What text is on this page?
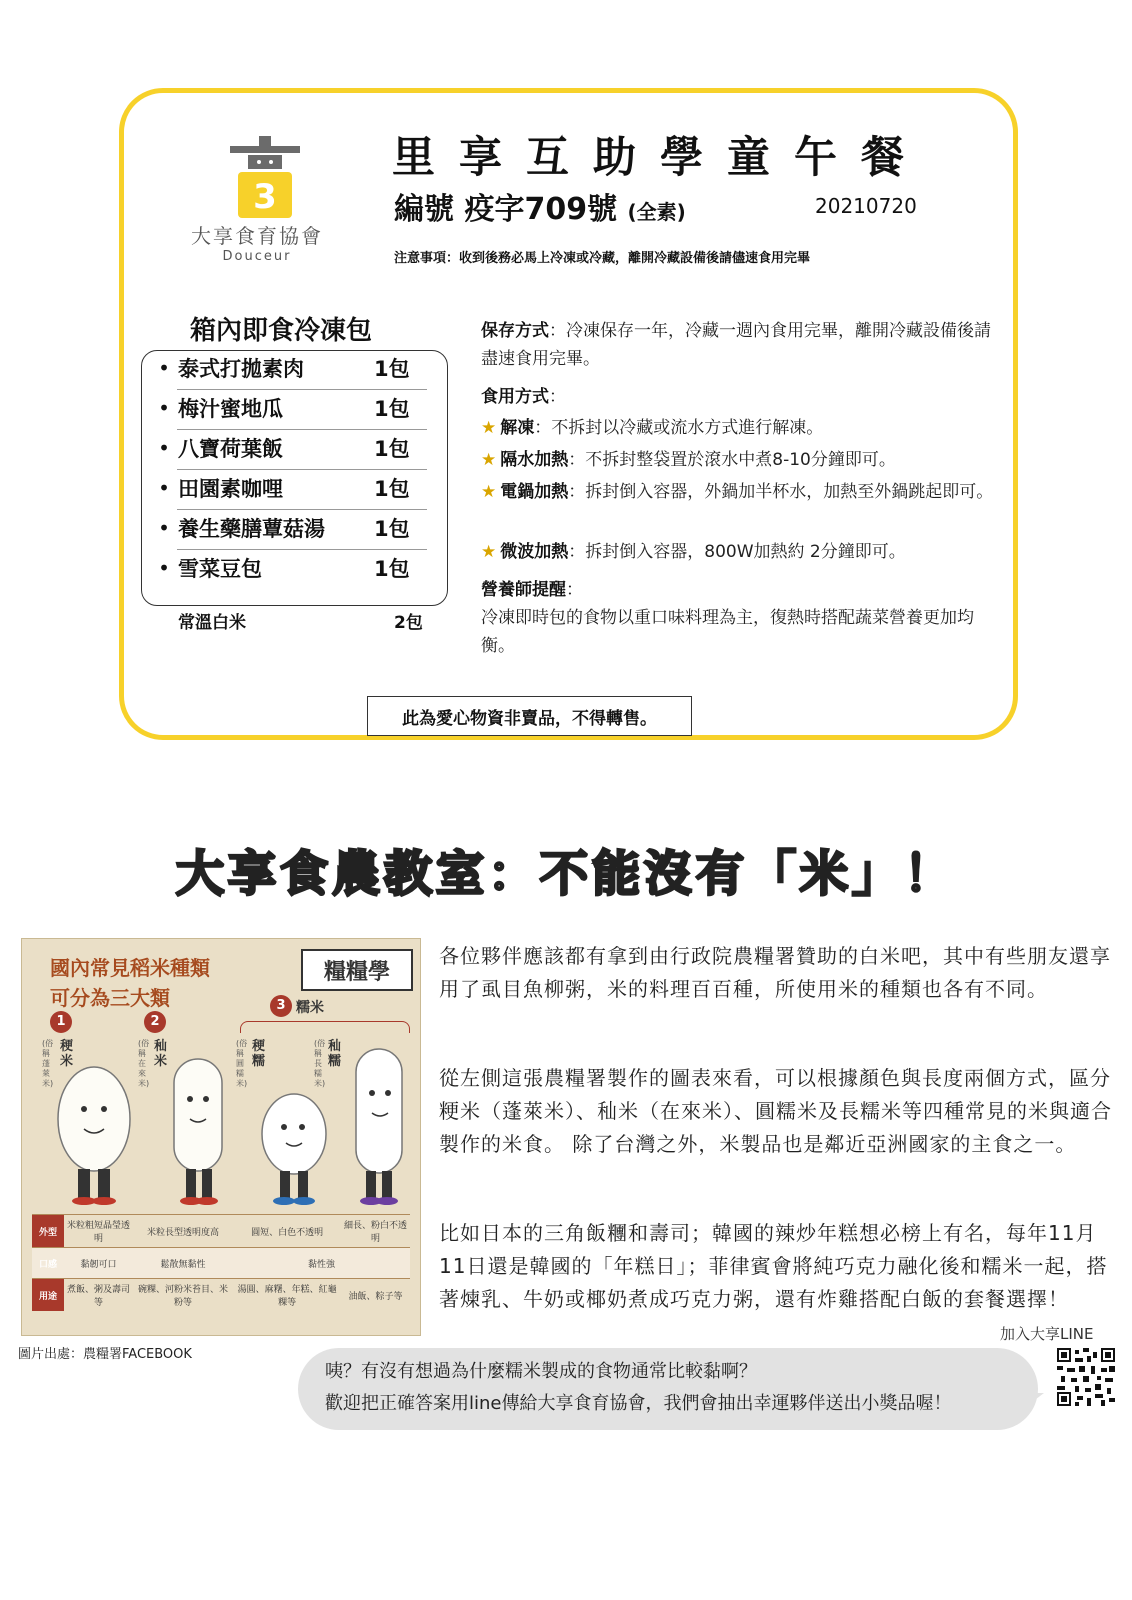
3
大享食育協會
Douceur
里享互助學童午餐
編號 疫字709號 (全素)	20210720
注意事項：收到後務必馬上冷凍或冷藏，離開冷藏設備後請儘速食用完畢
箱內即食冷凍包
• 泰式打拋素肉	1包
• 梅汁蜜地瓜	1包
• 八寶荷葉飯	1包
• 田園素咖哩	1包
• 養生藥膳蕈菇湯	1包
• 雪菜豆包	1包
常溫白米	2包
保存方式：冷凍保存一年，冷藏一週內食用完畢，離開冷藏設備後請盡速食用完畢。
食用方式：
★ 解凍：不拆封以冷藏或流水方式進行解凍。
★ 隔水加熱：不拆封整袋置於滾水中煮8-10分鐘即可。
★ 電鍋加熱：拆封倒入容器，外鍋加半杯水，加熱至外鍋跳起即可。
★ 微波加熱：拆封倒入容器，800W加熱約 2分鐘即可。
營養師提醒：
冷凍即時包的食物以重口味料理為主，復熱時搭配蔬菜營養更加均衡。
此為愛心物資非賣品，不得轉售。
大享食農教室：不能沒有「米」！
國內常見稻米種類
可分為三大類
糧糧學
1
稉米
(俗稱蓬萊米)
2
秈米
(俗稱在來米)
3 糯米
稉糯
(俗稱圓糯米)
秈糯
(俗稱長糯米)
外型	米粒粗短晶瑩透明	米粒長型透明度高	圓短、白色不透明	細長、粉白不透明
口感	黏韌可口	鬆散無黏性	黏性強	
用途	煮飯、粥及壽司等	碗粿、河粉米苔目、米粉等	湯圓、麻糬、年糕、紅龜粿等	油飯、粽子等
圖片出處：農糧署FACEBOOK
各位夥伴應該都有拿到由行政院農糧署贊助的白米吧，其中有些朋友還享用了虱目魚柳粥，米的料理百百種，所使用米的種類也各有不同。
從左側這張農糧署製作的圖表來看，可以根據顏色與長度兩個方式，區分粳米（蓬萊米）、秈米（在來米）、圓糯米及長糯米等四種常見的米與適合製作的米食。 除了台灣之外，米製品也是鄰近亞洲國家的主食之一。
比如日本的三角飯糰和壽司；韓國的辣炒年糕想必榜上有名，每年11月11日還是韓國的「年糕日」；菲律賓會將純巧克力融化後和糯米一起，搭著煉乳、牛奶或椰奶煮成巧克力粥，還有炸雞搭配白飯的套餐選擇！
加入大享LINE
咦？有沒有想過為什麼糯米製成的食物通常比較黏啊？
歡迎把正確答案用line傳給大享食育協會，我們會抽出幸運夥伴送出小獎品喔！
